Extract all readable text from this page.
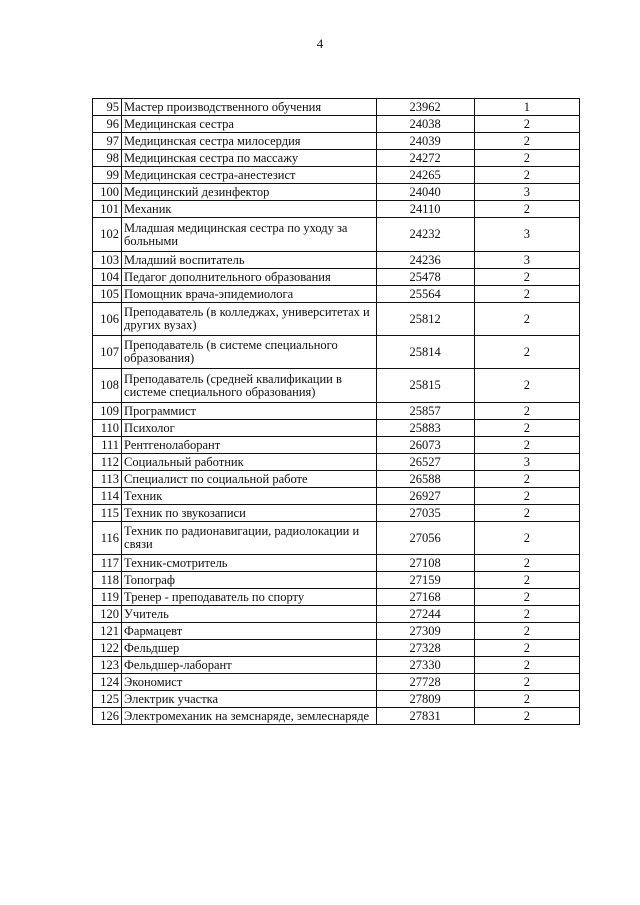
4
95	Мастер производственного обучения	23962	1
96	Медицинская сестра	24038	2
97	Медицинская сестра милосердия	24039	2
98	Медицинская сестра по массажу	24272	2
99	Медицинская сестра-анестезист	24265	2
100	Медицинский дезинфектор	24040	3
101	Механик	24110	2
102	Младшая медицинская сестра по уходу за больными	24232	3
103	Младший воспитатель	24236	3
104	Педагог дополнительного образования	25478	2
105	Помощник врача-эпидемиолога	25564	2
106	Преподаватель (в колледжах, университетах и других вузах)	25812	2
107	Преподаватель (в системе специального образования)	25814	2
108	Преподаватель (средней квалификации в системе специального образования)	25815	2
109	Программист	25857	2
110	Психолог	25883	2
111	Рентгенолаборант	26073	2
112	Социальный работник	26527	3
113	Специалист по социальной работе	26588	2
114	Техник	26927	2
115	Техник по звукозаписи	27035	2
116	Техник по радионавигации, радиолокации и связи	27056	2
117	Техник-смотритель	27108	2
118	Топограф	27159	2
119	Тренер - преподаватель по спорту	27168	2
120	Учитель	27244	2
121	Фармацевт	27309	2
122	Фельдшер	27328	2
123	Фельдшер-лаборант	27330	2
124	Экономист	27728	2
125	Электрик участка	27809	2
126	Электромеханик на земснаряде, землеснаряде	27831	2
